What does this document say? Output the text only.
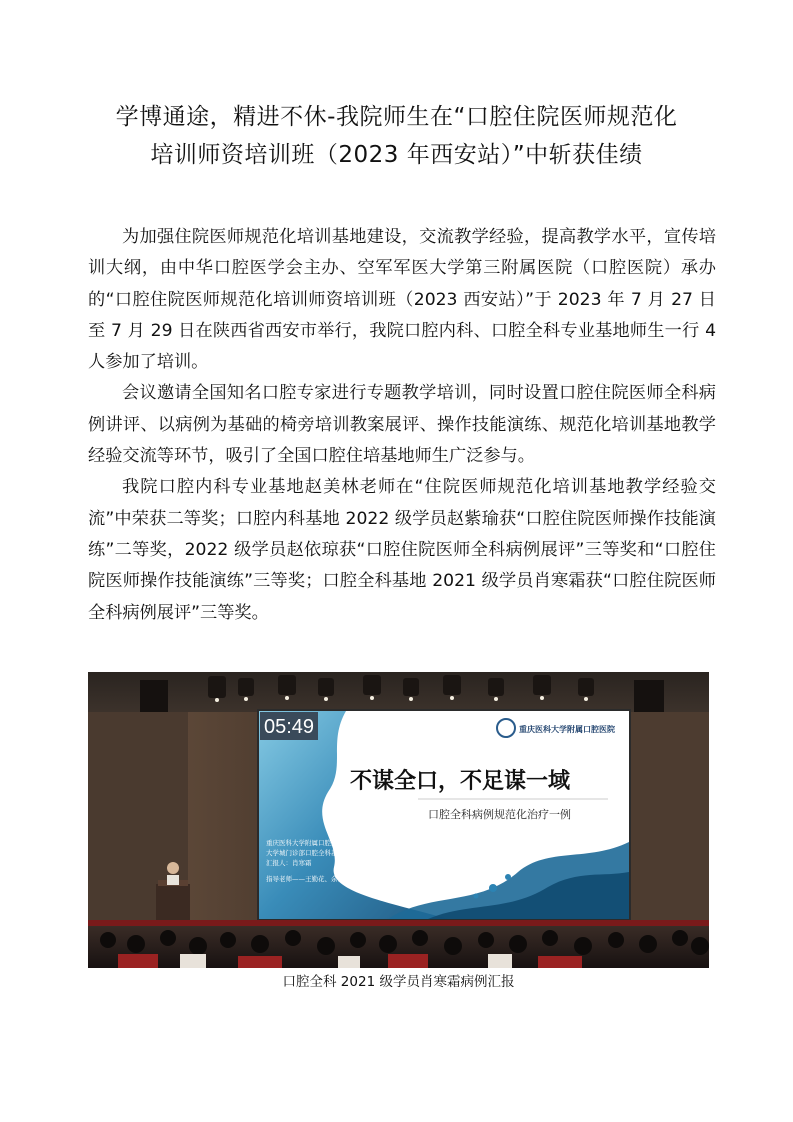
学博通途，精进不休-我院师生在“口腔住院医师规范化
培训师资培训班（2023 年西安站）”中斩获佳绩

为加强住院医师规范化培训基地建设，交流教学经验，提高教学水平，宣传培训大纲，由中华口腔医学会主办、空军军医大学第三附属医院（口腔医院）承办的“口腔住院医师规范化培训师资培训班（2023 西安站）”于 2023 年 7 月 27 日至 7 月 29 日在陕西省西安市举行，我院口腔内科、口腔全科专业基地师生一行 4 人参加了培训。

会议邀请全国知名口腔专家进行专题教学培训，同时设置口腔住院医师全科病例讲评、以病例为基础的椅旁培训教案展评、操作技能演练、规范化培训基地教学经验交流等环节，吸引了全国口腔住培基地师生广泛参与。

我院口腔内科专业基地赵美林老师在“住院医师规范化培训基地教学经验交流”中荣获二等奖；口腔内科基地 2022 级学员赵紫瑜获“口腔住院医师操作技能演练”二等奖，2022 级学员赵依琼获“口腔住院医师全科病例展评”三等奖和“口腔住院医师操作技能演练”三等奖；口腔全科基地 2021 级学员肖寒霜获“口腔住院医师全科病例展评”三等奖。

05:49	重庆医科大学附属口腔医院
不谋全口，不足谋一域
口腔全科病例规范化治疗一例
重庆医科大学附属口腔医院
大学城门诊部口腔全科基地
汇报人：肖寒霜
指导老师——王勤花、余云波、赵美林
口腔全科 2021 级学员肖寒霜病例汇报
